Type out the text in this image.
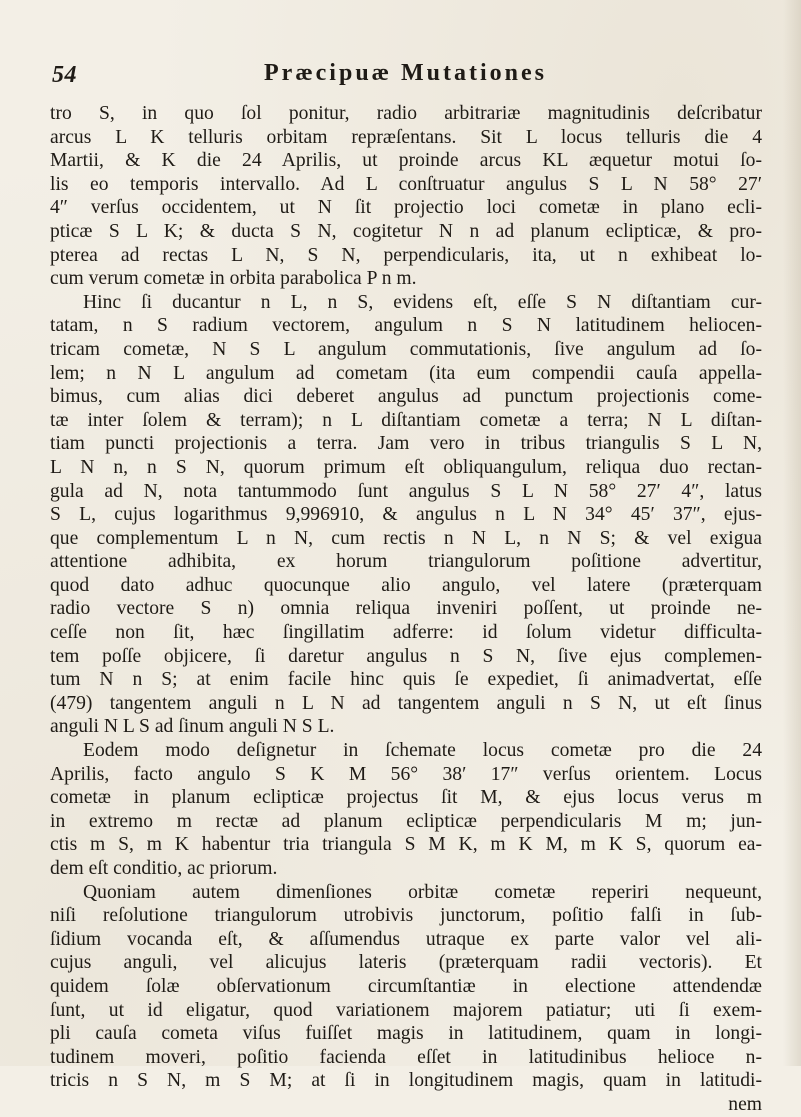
54	Præcipuæ Mutationes
tro S, in quo ſol ponitur, radio arbitrariæ magnitudinis deſcribatur
arcus L K telluris orbitam repræſentans. Sit L locus telluris die 4
Martii, & K die 24 Aprilis, ut proinde arcus KL æquetur motui ſo-
lis eo temporis intervallo. Ad L conſtruatur angulus S L N 58° 27′
4″ verſus occidentem, ut N ſit projectio loci cometæ in plano ecli-
pticæ S L K; & ducta S N, cogitetur N n ad planum eclipticæ, & pro-
pterea ad rectas L N, S N, perpendicularis, ita, ut n exhibeat lo-
cum verum cometæ in orbita parabolica P n m.
Hinc ſi ducantur n L, n S, evidens eſt, eſſe S N diſtantiam cur-
tatam, n S radium vectorem, angulum n S N latitudinem heliocen-
tricam cometæ, N S L angulum commutationis, ſive angulum ad ſo-
lem; n N L angulum ad cometam (ita eum compendii cauſa appella-
bimus, cum alias dici deberet angulus ad punctum projectionis come-
tæ inter ſolem & terram); n L diſtantiam cometæ a terra; N L diſtan-
tiam puncti projectionis a terra. Jam vero in tribus triangulis S L N,
L N n, n S N, quorum primum eſt obliquangulum, reliqua duo rectan-
gula ad N, nota tantummodo ſunt angulus S L N 58° 27′ 4″, latus
S L, cujus logarithmus 9,996910, & angulus n L N 34° 45′ 37″, ejus-
que complementum L n N, cum rectis n N L, n N S; & vel exigua
attentione adhibita, ex horum triangulorum poſitione advertitur,
quod dato adhuc quocunque alio angulo, vel latere (præterquam
radio vectore S n) omnia reliqua inveniri poſſent, ut proinde ne-
ceſſe non ſit, hæc ſingillatim adferre: id ſolum videtur difficulta-
tem poſſe objicere, ſi daretur angulus n S N, ſive ejus complemen-
tum N n S; at enim facile hinc quis ſe expediet, ſi animadvertat, eſſe
(479) tangentem anguli n L N ad tangentem anguli n S N, ut eſt ſinus
anguli N L S ad ſinum anguli N S L.
Eodem modo deſignetur in ſchemate locus cometæ pro die 24
Aprilis, facto angulo S K M 56° 38′ 17″ verſus orientem. Locus
cometæ in planum eclipticæ projectus ſit M, & ejus locus verus m
in extremo m rectæ ad planum eclipticæ perpendicularis M m; jun-
ctis m S, m K habentur tria triangula S M K, m K M, m K S, quorum ea-
dem eſt conditio, ac priorum.
Quoniam autem dimenſiones orbitæ cometæ reperiri nequeunt,
niſi reſolutione triangulorum utrobivis junctorum, poſitio falſi in ſub-
ſidium vocanda eſt, & aſſumendus utraque ex parte valor vel ali-
cujus anguli, vel alicujus lateris (præterquam radii vectoris). Et
quidem ſolæ obſervationum circumſtantiæ in electione attendendæ
ſunt, ut id eligatur, quod variationem majorem patiatur; uti ſi exem-
pli cauſa cometa viſus fuiſſet magis in latitudinem, quam in longi-
tudinem moveri, poſitio facienda eſſet in latitudinibus helioce n-
tricis n S N, m S M; at ſi in longitudinem magis, quam in latitudi-
nem
